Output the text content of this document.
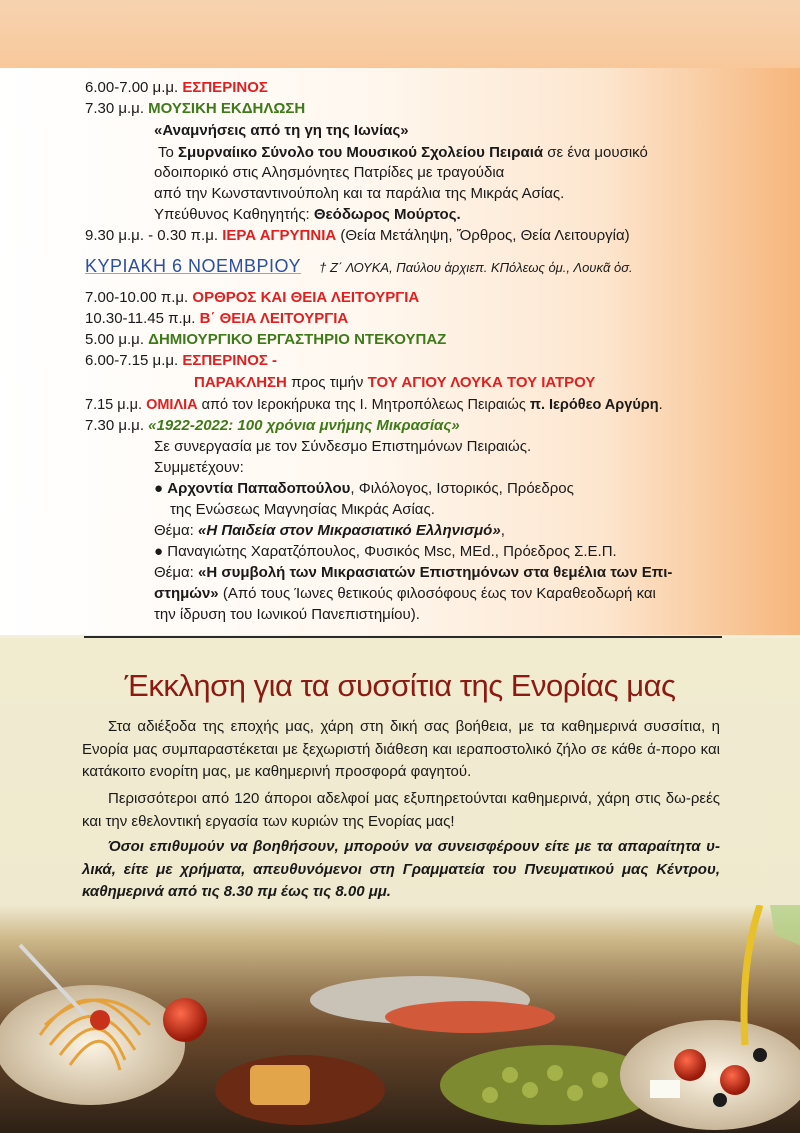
6.00-7.00 μ.μ. ΕΣΠΕΡΙΝΟΣ
7.30 μ.μ. ΜΟΥΣΙΚΗ ΕΚΔΗΛΩΣΗ
«Αναμνήσεις από τη γη της Ιωνίας»
Το Σμυρναίικο Σύνολο του Μουσικού Σχολείου Πειραιά σε ένα μουσικό
οδοιπορικό στις Αλησμόνητες Πατρίδες με τραγούδια
από την Κωνσταντινούπολη και τα παράλια της Μικράς Ασίας.
Υπεύθυνος Καθηγητής: Θεόδωρος Μούρτος.
9.30 μ.μ. - 0.30 π.μ. ΙΕΡΑ ΑΓΡΥΠΝΙΑ (Θεία Μετάληψη, Ὄρθρος, Θεία Λειτουργία)
ΚΥΡΙΑΚΗ 6 ΝΟΕΜΒΡΙΟΥ † Ζ΄ ΛΟΥΚΑ, Παύλου ἀρχιεπ. ΚΠόλεως ὁμ., Λουκᾶ ὁσ.
7.00-10.00 π.μ. ΟΡΘΡΟΣ ΚΑΙ ΘΕΙΑ ΛΕΙΤΟΥΡΓΙΑ
10.30-11.45 π.μ. Β΄ ΘΕΙΑ ΛΕΙΤΟΥΡΓΙΑ
5.00 μ.μ. ΔΗΜΙΟΥΡΓΙΚΟ ΕΡΓΑΣΤΗΡΙΟ ΝΤΕΚΟΥΠΑΖ
6.00-7.15 μ.μ. ΕΣΠΕΡΙΝΟΣ -
ΠΑΡΑΚΛΗΣΗ προς τιμήν ΤΟΥ ΑΓΙΟΥ ΛΟΥΚΑ ΤΟΥ ΙΑΤΡΟΥ
7.15 μ.μ. ΟΜΙΛΙΑ από τον Ιεροκήρυκα της Ι. Μητροπόλεως Πειραιώς π. Ιερόθεο Αργύρη.
7.30 μ.μ. «1922-2022: 100 χρόνια μνήμης Μικρασίας»
Σε συνεργασία με τον Σύνδεσμο Επιστημόνων Πειραιώς.
Συμμετέχουν:
● Αρχοντία Παπαδοπούλου, Φιλόλογος, Ιστορικός, Πρόεδρος
της Ενώσεως Μαγνησίας Μικράς Ασίας.
Θέμα: «Η Παιδεία στον Μικρασιατικό Ελληνισμό»,
● Παναγιώτης Χαρατζόπουλος, Φυσικός Msc, MEd., Πρόεδρος Σ.Ε.Π.
Θέμα: «Η συμβολή των Μικρασιατών Επιστημόνων στα θεμέλια των Επι-
στημών» (Από τους Ίωνες θετικούς φιλοσόφους έως τον Καραθεοδωρή και
την ίδρυση του Ιωνικού Πανεπιστημίου).
Έκκληση για τα συσσίτια της Ενορίας μας

Στα αδιέξοδα της εποχής μας, χάρη στη δική σας βοήθεια, με τα καθημερινά συσσίτια, η Ενορία μας συμπαραστέκεται με ξεχωριστή διάθεση και ιεραποστολικό ζήλο σε κάθε ά-πορο και κατάκοιτο ενορίτη μας, με καθημερινή προσφορά φαγητού.

Περισσότεροι από 120 άποροι αδελφοί μας εξυπηρετούνται καθημερινά, χάρη στις δω-ρεές και την εθελοντική εργασία των κυριών της Ενορίας μας!

Όσοι επιθυμούν να βοηθήσουν, μπορούν να συνεισφέρουν είτε με τα απαραίτητα υ-λικά, είτε με χρήματα, απευθυνόμενοι στη Γραμματεία του Πνευματικού μας Κέντρου, καθημερινά από τις 8.30 πμ έως τις 8.00 μμ.
